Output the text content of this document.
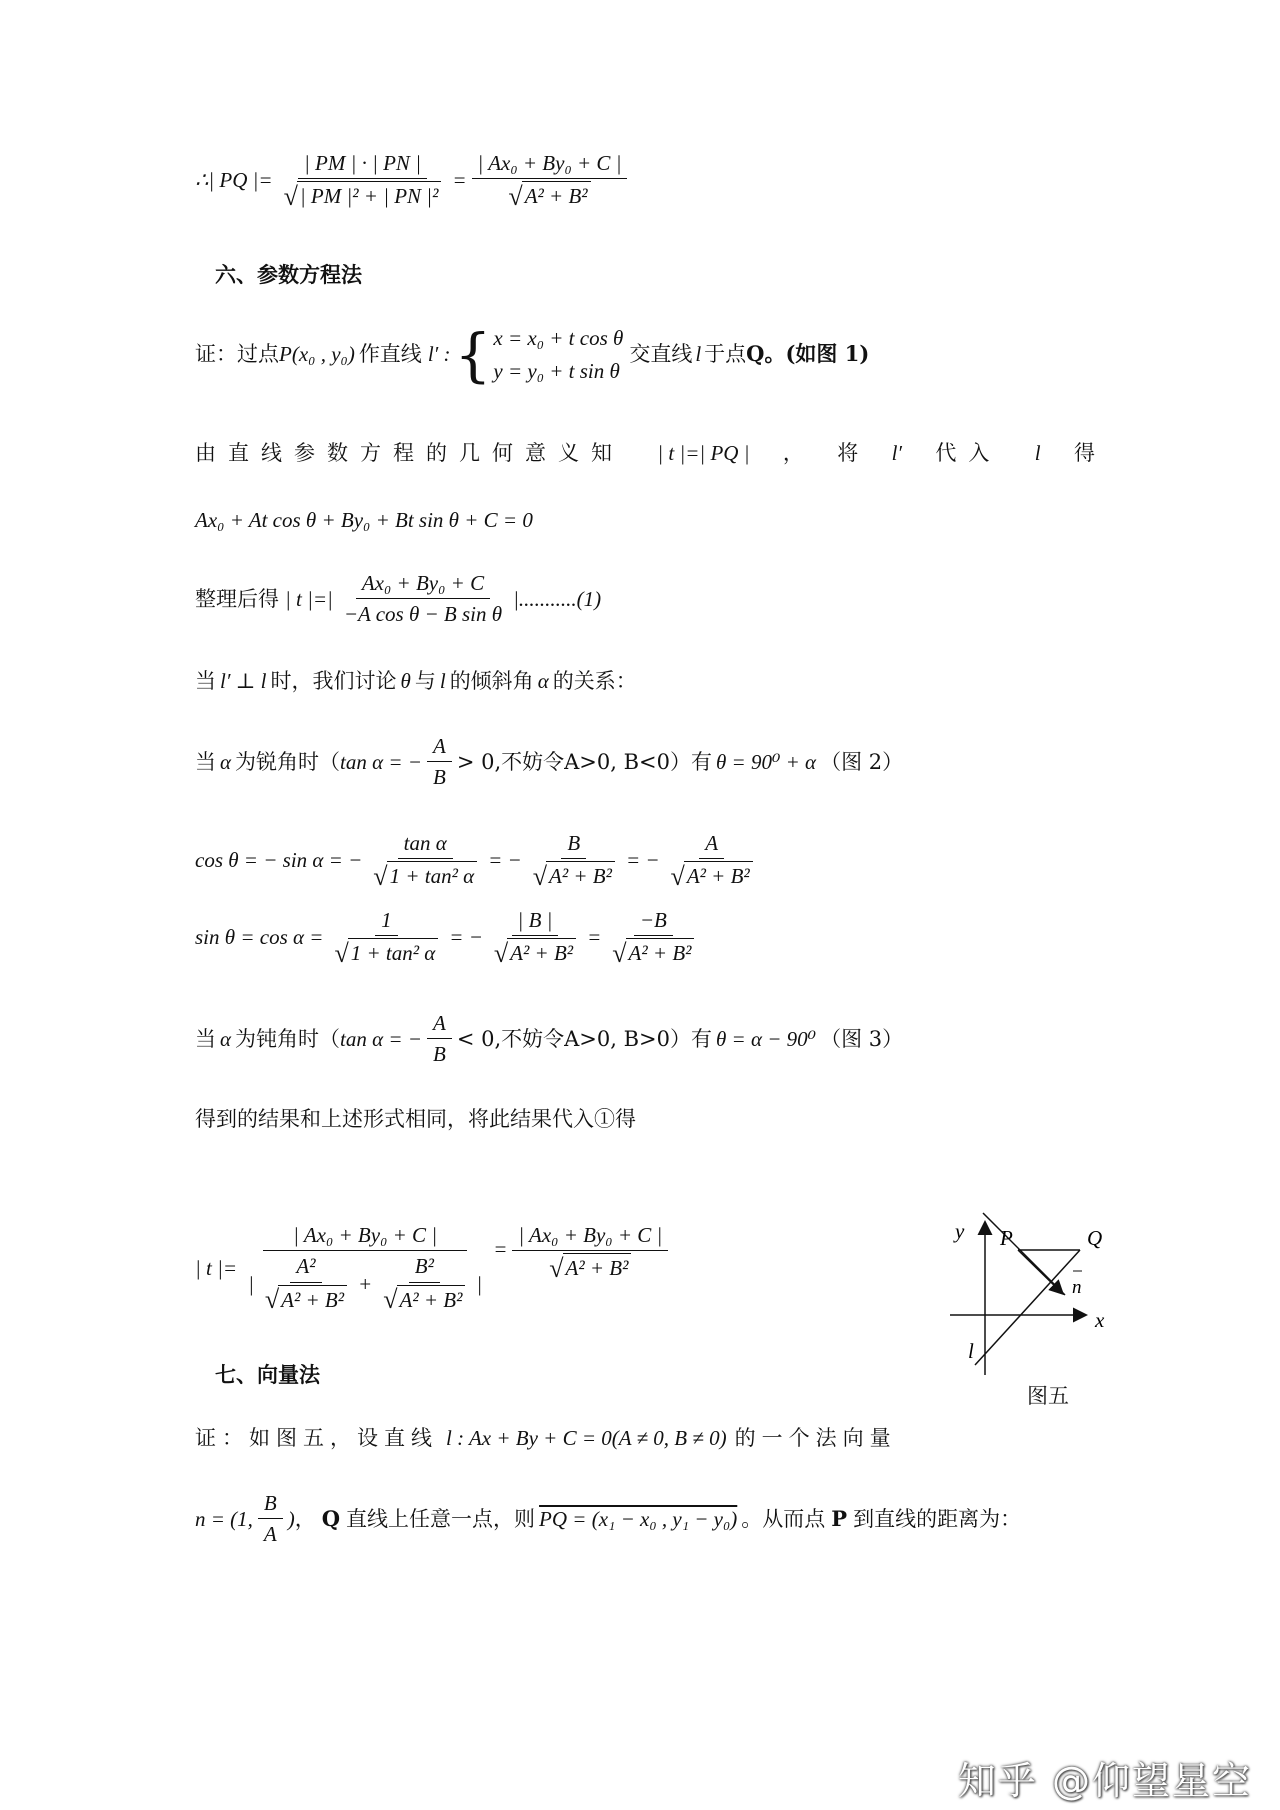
∴| PQ |= $\frac{| PM | \cdot | PN |}{\text{√ | PM |² + | PN |²}} = \frac{\text{| Ax₀ + By₀ + C |}}{\text{√ A² + B²}}$
六、参数方程法
证：过点 P(x₀ , y₀) 作直线 l′ : { x = x₀ + t cos θ
y = y₀ + t sin θ
交直线 l 于点 Q 。(如图 1)
由直线参数方程的几何意义知 | t |=| PQ | ， 将 l′ 代入 l 得
Ax₀ + At cos θ + By₀ + Bt sin θ + C = 0
整理后得 | t |=| $\frac{\text{Ax₀ + By₀ + C}}{\text{−A cos θ − B sin θ}} |...........(1)$
当 l′ ⊥ l 时，我们讨论 θ 与 l 的倾斜角 α 的关系：
当 α 为锐角时（ tan α = − $\frac{A}{B} > 0$,不妨令A>0, B<0）有 θ = 90⁰ + α （图 2）
cos θ = − sin α = − $\frac{\text{tan α}}{\text{√ 1 + tan² α}}$ = − $\frac{B}{\text{√ A² + B²}}$ = − $\frac{A}{\text{√ A² + B²}}$
$\sin \theta = \cos \alpha = \frac{1}{\text{√ 1 + tan² α}}$ = − $\frac{| B |}{\text{√ A² + B²}} = \frac{-B}{\text{√ A² + B²}}$
当 α 为钝角时（ tan α = − $\frac{A}{B} < 0$,不妨令A>0, B>0）有 θ = α − 90⁰ （图 3）
得到的结果和上述形式相同，将此结果代入①得
| t |=
| Ax₀ + By₀ + C |
| $\frac{\text{A²}}{\text{√ A² + B²}} + \frac{\text{B²}}{\text{√ A² + B²}}$ |
= $\frac{\text{| Ax₀ + By₀ + C |}}{\text{√ A² + B²}}$	y P	Q
n
x
l
图五
七、向量法
证：如图五，设直线 l : Ax + By + C = 0(A ≠ 0, B ≠ 0) 的一个法向量
n = (1, $\frac{B}{A}$ ) ， Q 直线上任意一点，则 PQ = (x₁ − x₀ , y₁ − y₀) 。从而点 P 到直线的距离为：
知乎 @仰望星空
